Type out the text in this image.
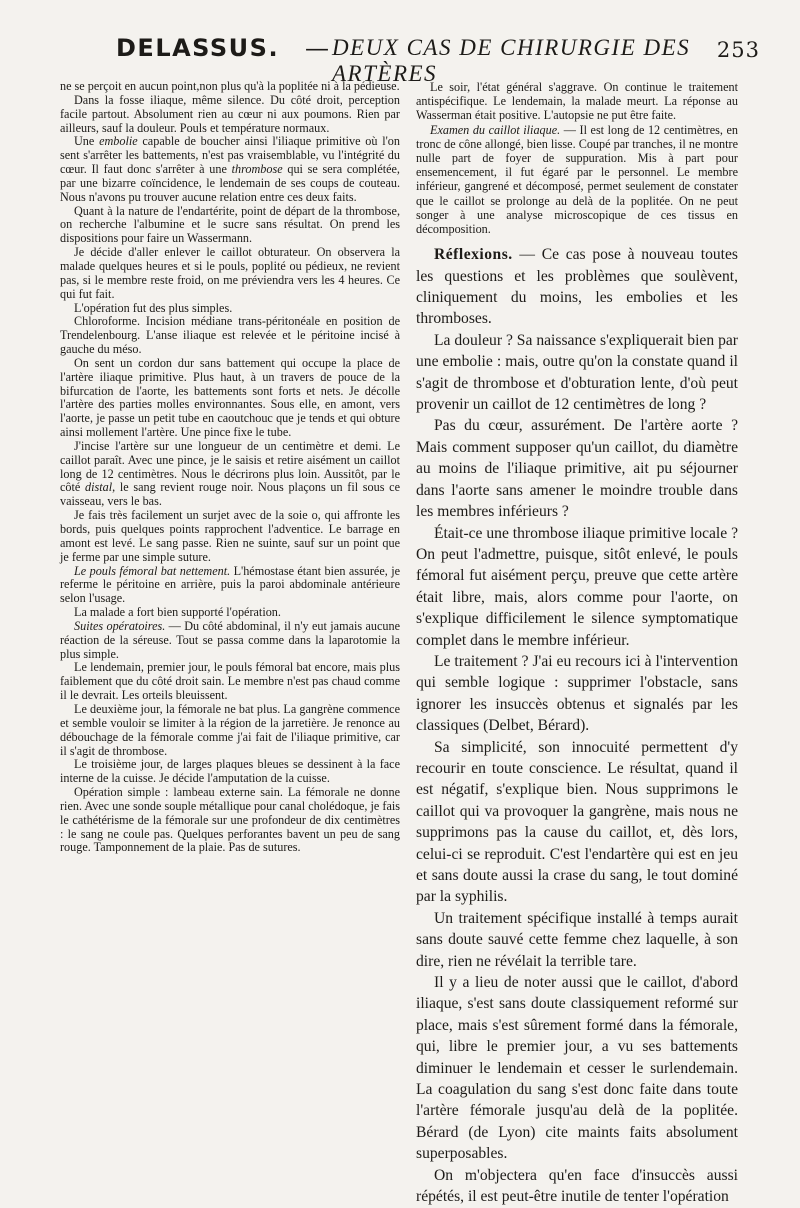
DELASSUS. — DEUX CAS DE CHIRURGIE DES ARTÈRES
253

ne se perçoit en aucun point,non plus qu'à la poplitée ni à la pédieuse.

Dans la fosse iliaque, même silence. Du côté droit, perception facile partout. Absolument rien au cœur ni aux poumons. Rien par ailleurs, sauf la douleur. Pouls et température normaux.

Une embolie capable de boucher ainsi l'iliaque primitive où l'on sent s'arrêter les battements, n'est pas vraisemblable, vu l'intégrité du cœur. Il faut donc s'arrêter à une thrombose qui se sera complétée, par une bizarre coïncidence, le lendemain de ses coups de couteau. Nous n'avons pu trouver aucune relation entre ces deux faits.

Quant à la nature de l'endartérite, point de départ de la thrombose, on recherche l'albumine et le sucre sans résultat. On prend les dispositions pour faire un Wassermann.

Je décide d'aller enlever le caillot obturateur. On observera la malade quelques heures et si le pouls, poplité ou pédieux, ne revient pas, si le membre reste froid, on me préviendra vers les 4 heures. Ce qui fut fait.

L'opération fut des plus simples.

Chloroforme. Incision médiane trans-péritonéale en position de Trendelenbourg. L'anse iliaque est relevée et le péritoine incisé à gauche du méso.

On sent un cordon dur sans battement qui occupe la place de l'artère iliaque primitive. Plus haut, à un travers de pouce de la bifurcation de l'aorte, les battements sont forts et nets. Je décolle l'artère des parties molles environnantes. Sous elle, en amont, vers l'aorte, je passe un petit tube en caoutchouc que je tends et qui obture ainsi mollement l'artère. Une pince fixe le tube.

J'incise l'artère sur une longueur de un centimètre et demi. Le caillot paraît. Avec une pince, je le saisis et retire aisément un caillot long de 12 centimètres. Nous le décrirons plus loin. Aussitôt, par le côté distal, le sang revient rouge noir. Nous plaçons un fil sous ce vaisseau, vers le bas.

Je fais très facilement un surjet avec de la soie o, qui affronte les bords, puis quelques points rapprochent l'adventice. Le barrage en amont est levé. Le sang passe. Rien ne suinte, sauf sur un point que je ferme par une simple suture.

Le pouls fémoral bat nettement. L'hémostase étant bien assurée, je referme le péritoine en arrière, puis la paroi abdominale antérieure selon l'usage.

La malade a fort bien supporté l'opération.

Suites opératoires. — Du côté abdominal, il n'y eut jamais aucune réaction de la séreuse. Tout se passa comme dans la laparotomie la plus simple.

Le lendemain, premier jour, le pouls fémoral bat encore, mais plus faiblement que du côté droit sain. Le membre n'est pas chaud comme il le devrait. Les orteils bleuissent.

Le deuxième jour, la fémorale ne bat plus. La gangrène commence et semble vouloir se limiter à la région de la jarretière. Je renonce au débouchage de la fémorale comme j'ai fait de l'iliaque primitive, car il s'agit de thrombose.

Le troisième jour, de larges plaques bleues se dessinent à la face interne de la cuisse. Je décide l'amputation de la cuisse.

Opération simple : lambeau externe sain. La fémorale ne donne rien. Avec une sonde souple métallique pour canal cholédoque, je fais le cathétérisme de la fémorale sur une profondeur de dix centimètres : le sang ne coule pas. Quelques perforantes bavent un peu de sang rouge. Tamponnement de la plaie. Pas de sutures.

Le soir, l'état général s'aggrave. On continue le traitement antispécifique. Le lendemain, la malade meurt. La réponse au Wasserman était positive. L'autopsie ne put être faite.

Examen du caillot iliaque. — Il est long de 12 centimètres, en tronc de cône allongé, bien lisse. Coupé par tranches, il ne montre nulle part de foyer de suppuration. Mis à part pour ensemencement, il fut égaré par le personnel. Le membre inférieur, gangrené et décomposé, permet seulement de constater que le caillot se prolonge au delà de la poplitée. On ne peut songer à une analyse microscopique de ces tissus en décomposition.

Réflexions. — Ce cas pose à nouveau toutes les questions et les problèmes que soulèvent, cliniquement du moins, les embolies et les thromboses.

La douleur ? Sa naissance s'expliquerait bien par une embolie : mais, outre qu'on la constate quand il s'agit de thrombose et d'obturation lente, d'où peut provenir un caillot de 12 centimètres de long ?

Pas du cœur, assurément. De l'artère aorte ? Mais comment supposer qu'un caillot, du diamètre au moins de l'iliaque primitive, ait pu séjourner dans l'aorte sans amener le moindre trouble dans les membres inférieurs ?

Était-ce une thrombose iliaque primitive locale ? On peut l'admettre, puisque, sitôt enlevé, le pouls fémoral fut aisément perçu, preuve que cette artère était libre, mais, alors comme pour l'aorte, on s'explique difficilement le silence symptomatique complet dans le membre inférieur.

Le traitement ? J'ai eu recours ici à l'intervention qui semble logique : supprimer l'obstacle, sans ignorer les insuccès obtenus et signalés par les classiques (Delbet, Bérard).

Sa simplicité, son innocuité permettent d'y recourir en toute conscience. Le résultat, quand il est négatif, s'explique bien. Nous supprimons le caillot qui va provoquer la gangrène, mais nous ne supprimons pas la cause du caillot, et, dès lors, celui-ci se reproduit. C'est l'endartère qui est en jeu et sans doute aussi la crase du sang, le tout dominé par la syphilis.

Un traitement spécifique installé à temps aurait sans doute sauvé cette femme chez laquelle, à son dire, rien ne révélait la terrible tare.

Il y a lieu de noter aussi que le caillot, d'abord iliaque, s'est sans doute classiquement reformé sur place, mais s'est sûrement formé dans la fémorale, qui, libre le premier jour, a vu ses battements diminuer le lendemain et cesser le surlendemain. La coagulation du sang s'est donc faite dans toute l'artère fémorale jusqu'au delà de la poplitée. Bérard (de Lyon) cite maints faits absolument superposables.

On m'objectera qu'en face d'insuccès aussi répétés, il est peut-être inutile de tenter l'opération
